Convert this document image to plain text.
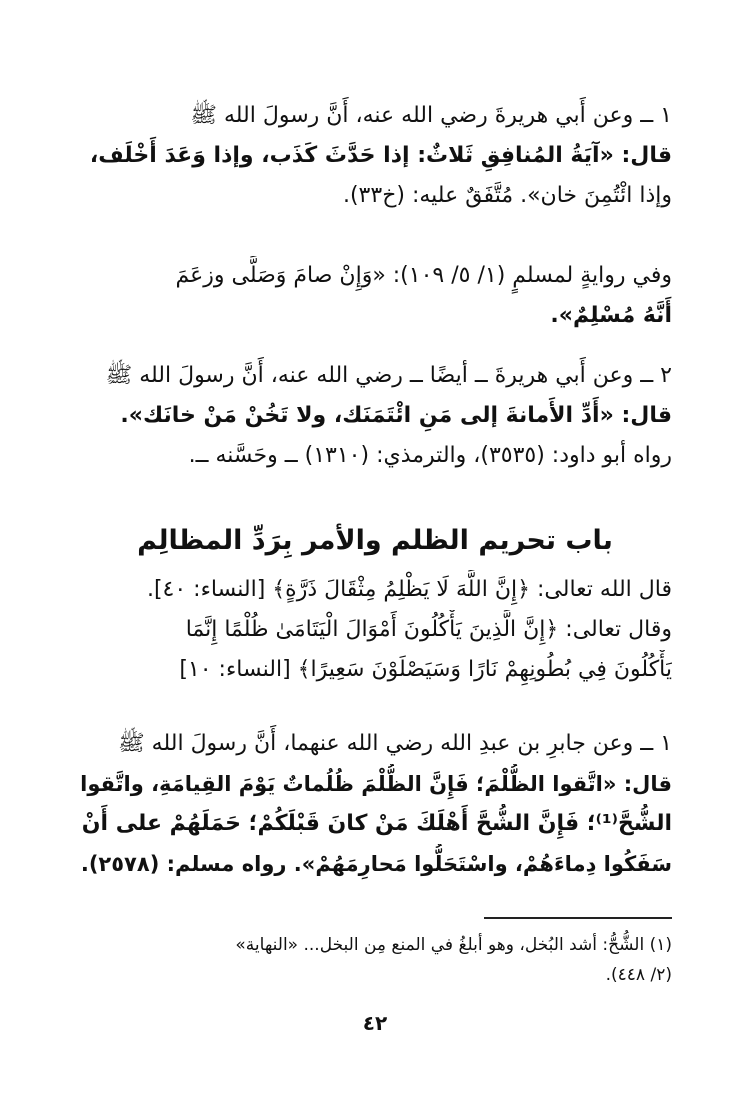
١ ــ وعن أَبي هريرةَ رضي الله عنه، أَنَّ رسولَ الله ﷺ
قال: «آيَةُ المُنافِقِ ثَلاثٌ: إذا حَدَّثَ كَذَب، وإذا وَعَدَ أَخْلَف،
وإذا ائْتُمِنَ خان». مُتَّفَقٌ عليه: (خ٣٣).
وفي روايةٍ لمسلمٍ (١/ ٥/ ١٠٩): «وَإِنْ صامَ وَصَلَّى وزعَمَ
أَنَّهُ مُسْلِمٌ».
٢ ــ وعن أَبي هريرةَ ــ أيضًا ــ رضي الله عنه، أَنَّ رسولَ الله ﷺ
قال: «أَدِّ الأَمانةَ إلى مَنِ ائْتَمَنَك، ولا تَخُنْ مَنْ خانَك».
رواه أبو داود: (٣٥٣٥)، والترمذي: (١٣١٠) ــ وحَسَّنه ــ.
باب تحريم الظلم والأمر بِرَدِّ المظالِم
قال الله تعالى: ﴿إِنَّ اللَّهَ لَا يَظْلِمُ مِثْقَالَ ذَرَّةٍ﴾ [النساء: ٤٠].
وقال تعالى: ﴿إِنَّ الَّذِينَ يَأْكُلُونَ أَمْوَالَ الْيَتَامَىٰ ظُلْمًا إِنَّمَا
يَأْكُلُونَ فِي بُطُونِهِمْ نَارًا وَسَيَصْلَوْنَ سَعِيرًا﴾ [النساء: ١٠]
١ ــ وعن جابرِ بن عبدِ الله رضي الله عنهما، أَنَّ رسولَ الله ﷺ
قال: «اتَّقوا الظُّلْمَ؛ فَإِنَّ الظُّلْمَ ظُلُماتٌ يَوْمَ القِيامَةِ، واتَّقوا
الشُّحَّ⁽¹⁾؛ فَإِنَّ الشُّحَّ أَهْلَكَ مَنْ كانَ قَبْلَكُمْ؛ حَمَلَهُمْ على أَنْ
سَفَكُوا دِماءَهُمْ، واسْتَحَلُّوا مَحارِمَهُمْ». رواه مسلم: (٢٥٧٨).
(١) الشُّحُّ: أشد البُخل، وهو أبلغُ في المنع مِن البخل... «النهاية»
(٢/ ٤٤٨).
٤٢
